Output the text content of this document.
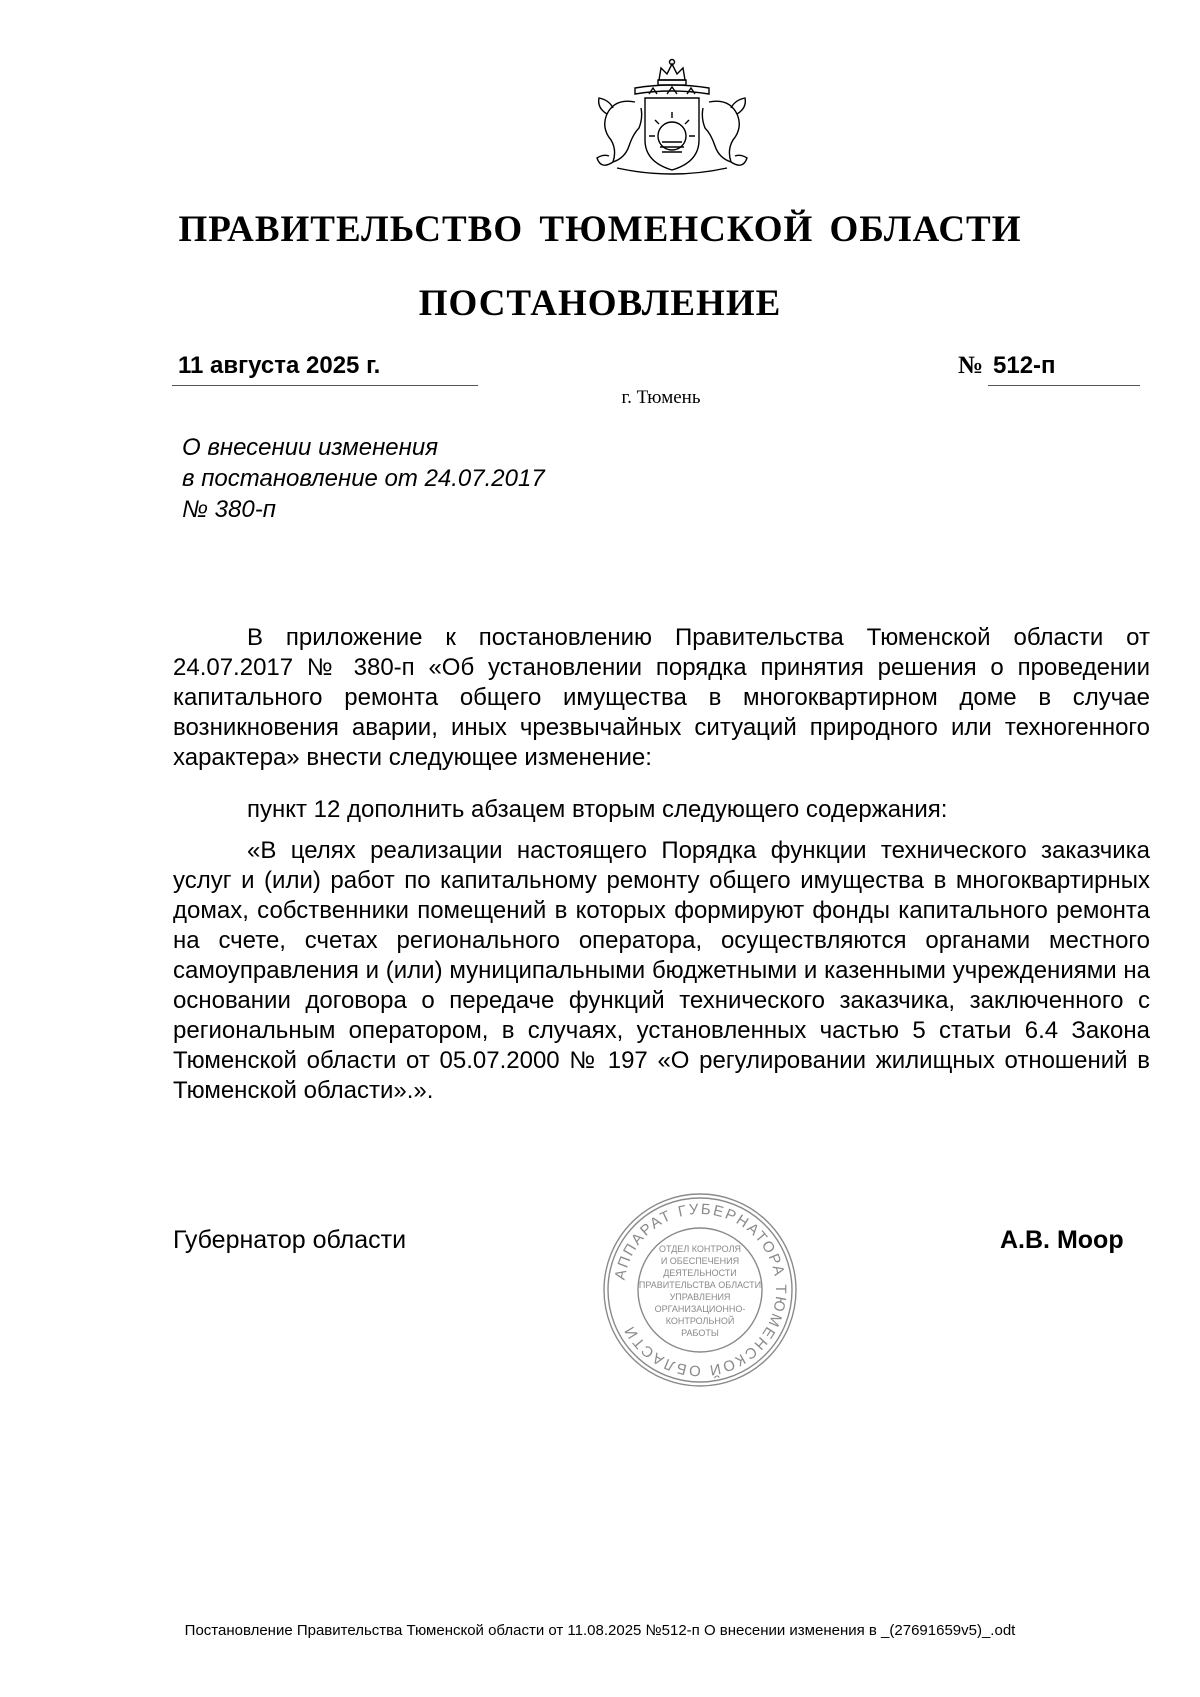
ПРАВИТЕЛЬСТВО ТЮМЕНСКОЙ ОБЛАСТИ
ПОСТАНОВЛЕНИЕ
11 августа 2025 г.	№ 512-п
г. Тюмень
О внесении изменения
в постановление от 24.07.2017
№ 380-п
В приложение к постановлению Правительства Тюменской области от 24.07.2017 № 380-п «Об установлении порядка принятия решения о проведении капитального ремонта общего имущества в многоквартирном доме в случае возникновения аварии, иных чрезвычайных ситуаций природного или техногенного характера» внести следующее изменение:
пункт 12 дополнить абзацем вторым следующего содержания:
«В целях реализации настоящего Порядка функции технического заказчика услуг и (или) работ по капитальному ремонту общего имущества в многоквартирных домах, собственники помещений в которых формируют фонды капитального ремонта на счете, счетах регионального оператора, осуществляются органами местного самоуправления и (или) муниципальными бюджетными и казенными учреждениями на основании договора о передаче функций технического заказчика, заключенного с региональным оператором, в случаях, установленных частью 5 статьи 6.4 Закона Тюменской области от 05.07.2000 № 197 «О регулировании жилищных отношений в Тюменской области».».
Губернатор области	А.В. Моор
АППАРАТ ГУБЕРНАТОРА ТЮМЕНСКОЙ ОБЛАСТИ
ОТДЕЛ КОНТРОЛЯ
И ОБЕСПЕЧЕНИЯ
ДЕЯТЕЛЬНОСТИ
ПРАВИТЕЛЬСТВА ОБЛАСТИ
УПРАВЛЕНИЯ
ОРГАНИЗАЦИОННО-
КОНТРОЛЬНОЙ
РАБОТЫ
Постановление Правительства Тюменской области от 11.08.2025 №512-п О внесении изменения в _(27691659v5)_.odt
